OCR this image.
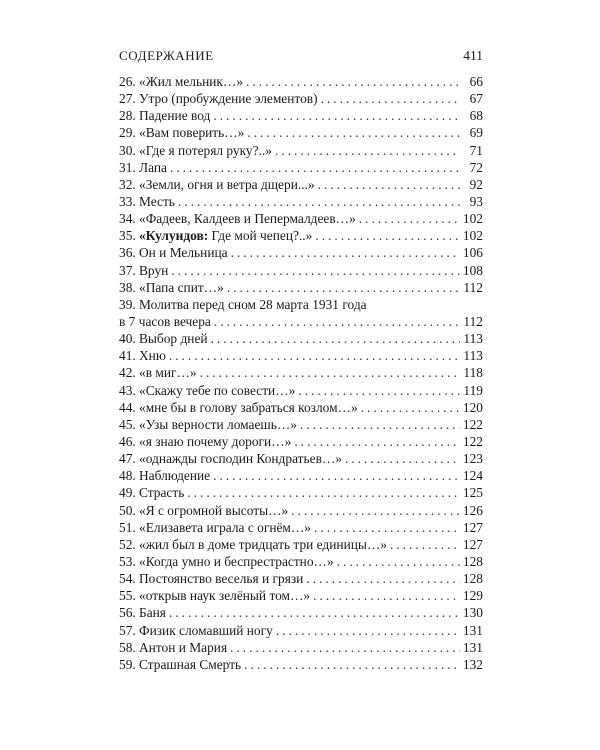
СОДЕРЖАНИЕ	411
26. «Жил мельник…» .....	66
27. Утро (пробуждение элементов) .....	67
28. Падение вод .....	68
29. «Вам поверить…» .....	69
30. «Где я потерял руку?..» .....	71
31. Лапа .....	72
32. «Земли, огня и ветра дщери...» .....	92
33. Месть .....	93
34. «Фадеев, Калдеев и Пепермалдеев…» .....	102
35. «Кулундов: Где мой чепец?..» .....	102
36. Он и Мельница .....	106
37. Врун .....	108
38. «Папа спит…» .....	112
39. Молитва перед сном 28 марта 1931 года
в 7 часов вечера .....	112
40. Выбор дней .....	113
41. Хню .....	113
42. «в миг…» .....	118
43. «Скажу тебе по совести…» .....	119
44. «мне бы в голову забраться козлом…» .....	120
45. «Узы верности ломаешь…» .....	122
46. «я знаю почему дороги…» .....	122
47. «однажды господин Кондратьев…» .....	123
48. Наблюдение .....	124
49. Страсть .....	125
50. «Я с огромной высоты…» .....	126
51. «Елизавета играла с огнём…» .....	127
52. «жил был в доме тридцать три единицы…» .....	127
53. «Когда умно и беспрестрастно…» .....	128
54. Постоянство веселья и грязи .....	128
55. «открыв наук зелёный том…» .....	129
56. Баня .....	130
57. Физик сломавший ногу .....	131
58. Антон и Мария .....	131
59. Страшная Смерть .....	132
